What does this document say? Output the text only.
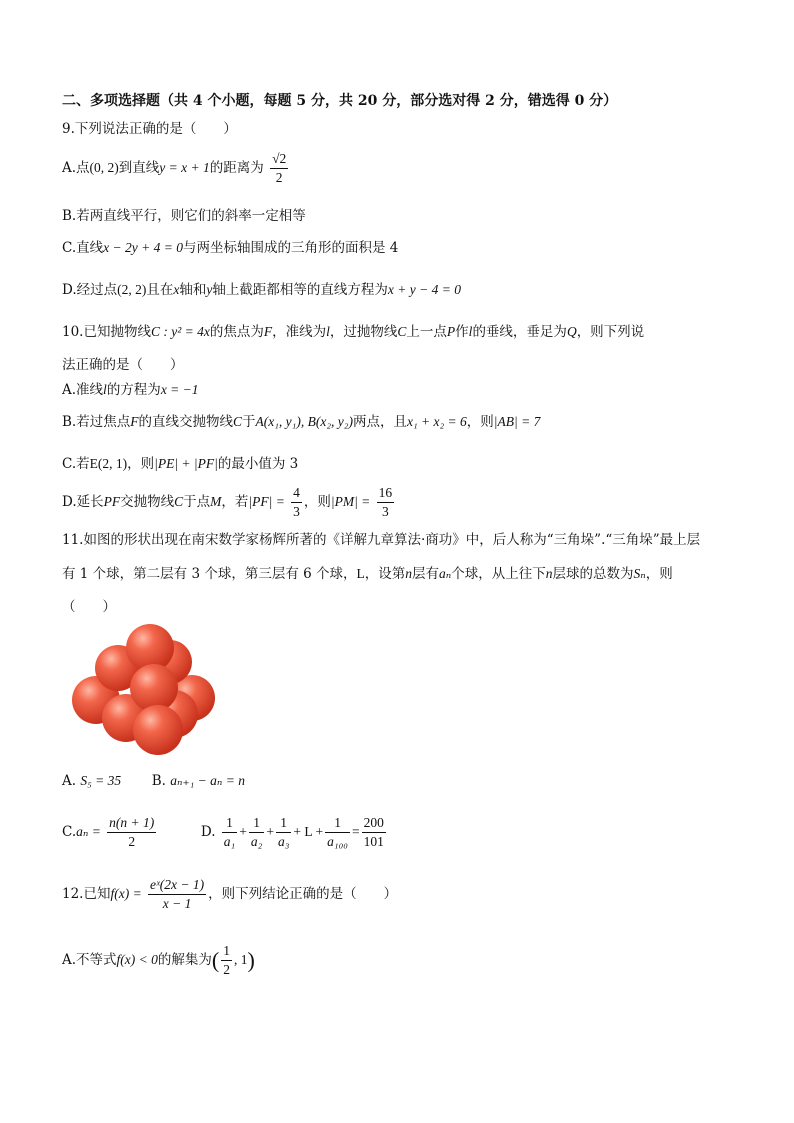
二、多项选择题（共 4 个小题，每题 5 分，共 20 分，部分选对得 2 分，错选得 0 分）
9.下列说法正确的是（　　）
A.点(0, 2)到直线y = x + 1的距离为 $\frac{√2}{2}$
B.若两直线平行，则它们的斜率一定相等
C.直线x − 2y + 4 = 0与两坐标轴围成的三角形的面积是 4
D.经过点(2, 2)且在x轴和y轴上截距都相等的直线方程为x + y − 4 = 0
10.已知抛物线C : y² = 4x的焦点为F，准线为l，过抛物线C上一点P作l的垂线，垂足为Q，则下列说
法正确的是（　　）
A.准线l的方程为x = −1
B.若过焦点F的直线交抛物线C于A(x₁, y₁), B(x₂, y₂)两点，且x₁ + x₂ = 6，则|AB| = 7
C.若E(2, 1)，则|PE| + |PF|的最小值为 3
D.延长PF交抛物线C于点M，若$|PF| = \frac{4}{3}$ ，则$|PM| = \frac{16}{3}$
11.如图的形状出现在南宋数学家杨辉所著的《详解九章算法·商功》中，后人称为“三角垛”.“三角垛”最上层
有 1 个球，第二层有 3 个球，第三层有 6 个球，L，设第n层有aₙ个球，从上往下n层球的总数为Sₙ，则
（　　）
A. S₅ = 35 B. aₙ₊₁ − aₙ = n
$C.a_n = \frac{n(n + 1)}{2}$	D. $\frac{1}{\text{a₁}} + \frac{1}{\text{a₂}} + \frac{1}{\text{a₃}} + L + \frac{1}{\text{a₁₀₀}} = \frac{200}{101}$
12.已知$f(x) = \frac{\text{eˣ(2x − 1)}}{x - 1}$ ，则下列结论正确的是（　　）
A.不等式f(x) < 0的解集为( $\frac{1}{2}$ , 1)
